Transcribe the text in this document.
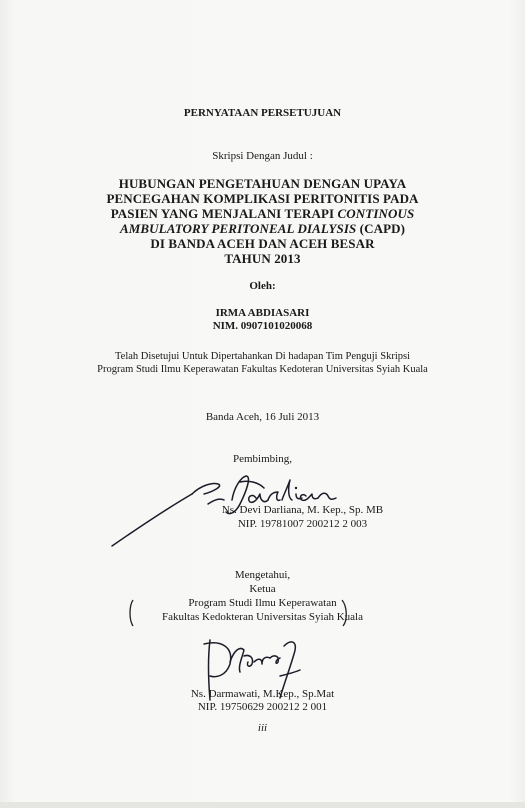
PERNYATAAN PERSETUJUAN
Skripsi Dengan Judul :
HUBUNGAN PENGETAHUAN DENGAN UPAYA
PENCEGAHAN KOMPLIKASI PERITONITIS PADA
PASIEN YANG MENJALANI TERAPI CONTINOUS
AMBULATORY PERITONEAL DIALYSIS (CAPD)
DI BANDA ACEH DAN ACEH BESAR
TAHUN 2013
Oleh:
IRMA ABDIASARI
NIM. 0907101020068
Telah Disetujui Untuk Dipertahankan Di hadapan Tim Penguji Skripsi
Program Studi Ilmu Keperawatan Fakultas Kedoteran Universitas Syiah Kuala
Banda Aceh, 16 Juli 2013
Pembimbing,
Ns. Devi Darliana, M. Kep., Sp. MB
NIP. 19781007 200212 2 003
Mengetahui,
Ketua
Program Studi Ilmu Keperawatan
Fakultas Kedokteran Universitas Syiah Kuala
Ns. Darmawati, M.Kep., Sp.Mat
NIP. 19750629 200212 2 001
iii
